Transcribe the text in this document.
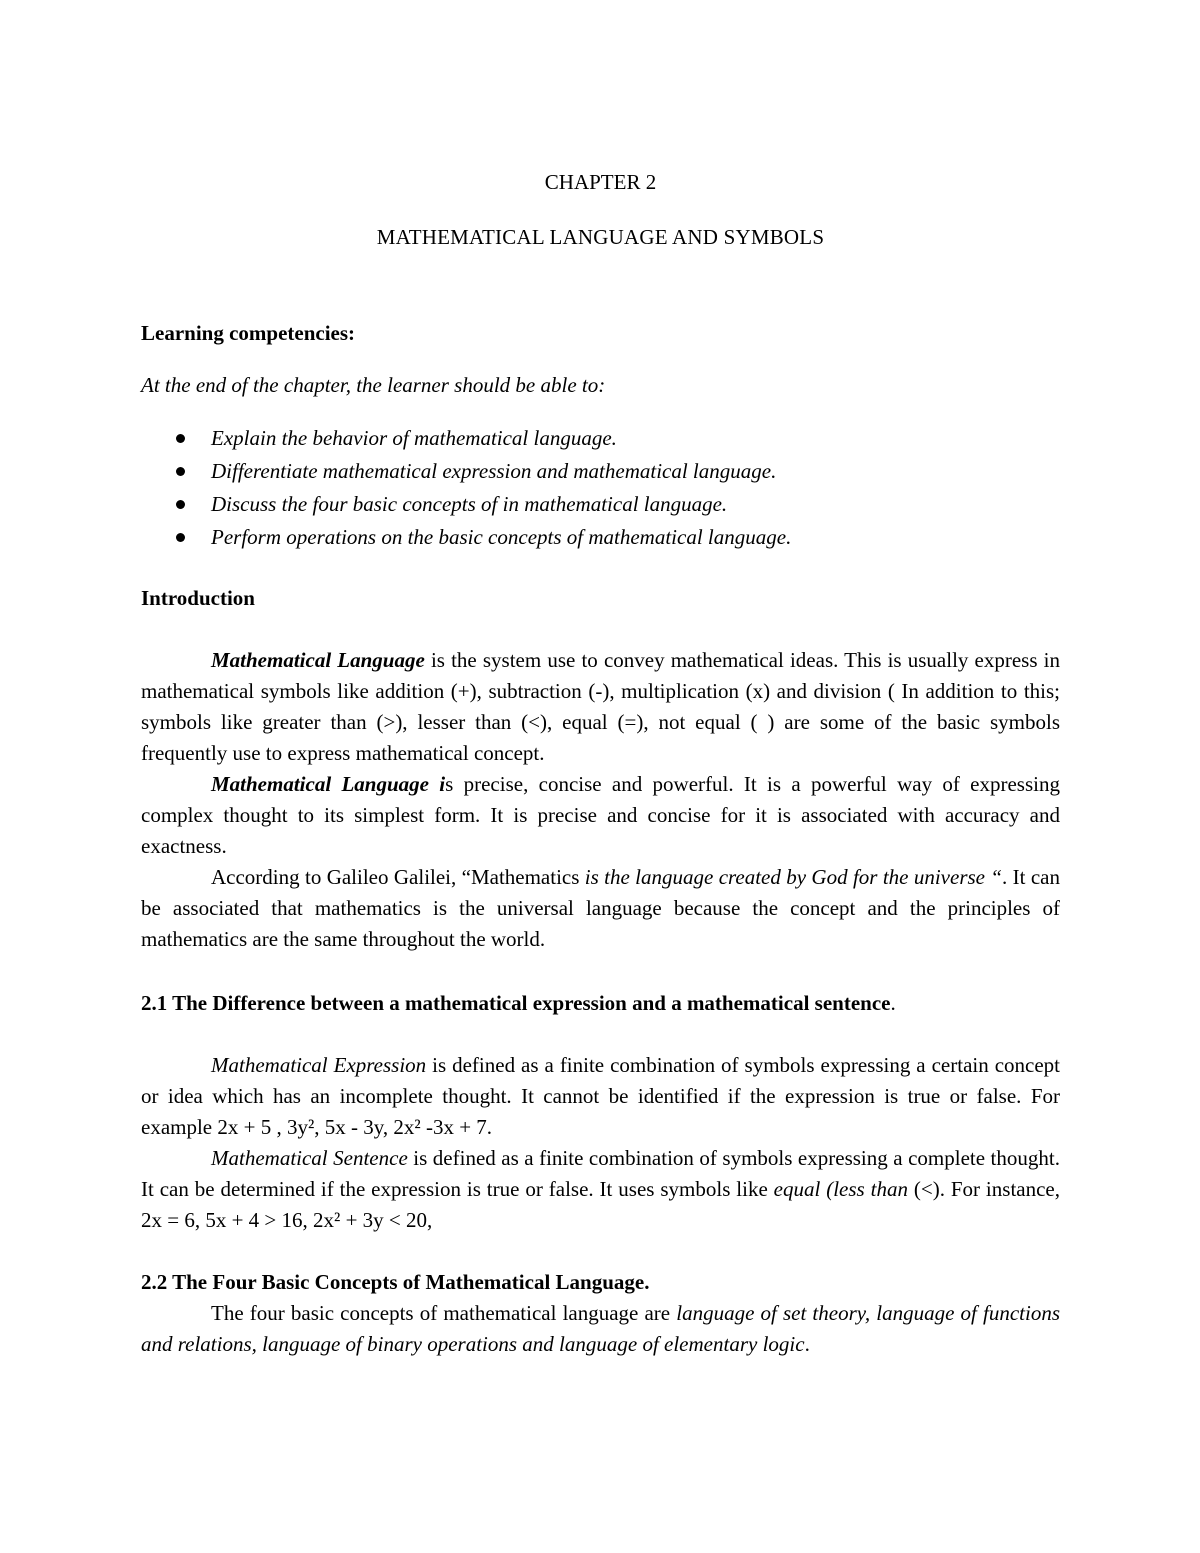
CHAPTER 2

MATHEMATICAL LANGUAGE AND SYMBOLS

Learning competencies:

At the end of the chapter, the learner should be able to:

Explain the behavior of mathematical language.
Differentiate mathematical expression and mathematical language.
Discuss the four basic concepts of in mathematical language.
Perform operations on the basic concepts of mathematical language.

Introduction

Mathematical Language is the system use to convey mathematical ideas. This is usually express in mathematical symbols like addition (+), subtraction (-), multiplication (x) and division ( In addition to this; symbols like greater than (>), lesser than (<), equal (=), not equal ( ) are some of the basic symbols frequently use to express mathematical concept.

Mathematical Language is precise, concise and powerful. It is a powerful way of expressing complex thought to its simplest form. It is precise and concise for it is associated with accuracy and exactness.

According to Galileo Galilei, “Mathematics is the language created by God for the universe “. It can be associated that mathematics is the universal language because the concept and the principles of mathematics are the same throughout the world.

2.1 The Difference between a mathematical expression and a mathematical sentence.

Mathematical Expression is defined as a finite combination of symbols expressing a certain concept or idea which has an incomplete thought. It cannot be identified if the expression is true or false. For example 2x + 5 , 3y², 5x - 3y, 2x² -3x + 7.

Mathematical Sentence is defined as a finite combination of symbols expressing a complete thought. It can be determined if the expression is true or false. It uses symbols like equal (less than (<). For instance, 2x = 6, 5x + 4 > 16, 2x² + 3y < 20,

2.2 The Four Basic Concepts of Mathematical Language.

The four basic concepts of mathematical language are language of set theory, language of functions and relations, language of binary operations and language of elementary logic.
